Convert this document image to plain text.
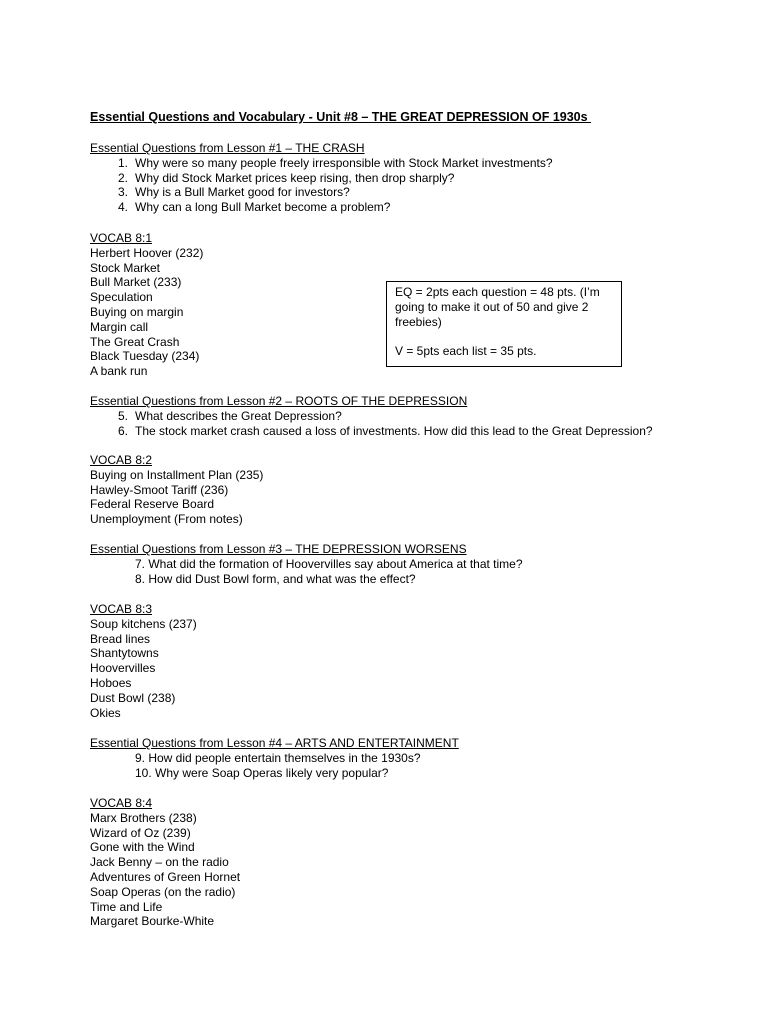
Essential Questions and Vocabulary - Unit #8 – THE GREAT DEPRESSION OF 1930s
Essential Questions from Lesson #1 – THE CRASH
1. Why were so many people freely irresponsible with Stock Market investments?
2. Why did Stock Market prices keep rising, then drop sharply?
3. Why is a Bull Market good for investors?
4. Why can a long Bull Market become a problem?
VOCAB 8:1
Herbert Hoover (232)
Stock Market
Bull Market (233)
Speculation
Buying on margin
Margin call
The Great Crash
Black Tuesday (234)
A bank run

EQ = 2pts each question = 48 pts. (I’m going to make it out of 50 and give 2 freebies)

V = 5pts each list = 35 pts.

Essential Questions from Lesson #2 – ROOTS OF THE DEPRESSION
5. What describes the Great Depression?
6. The stock market crash caused a loss of investments. How did this lead to the Great Depression?
VOCAB 8:2
Buying on Installment Plan (235)
Hawley-Smoot Tariff (236)
Federal Reserve Board
Unemployment (From notes)
Essential Questions from Lesson #3 – THE DEPRESSION WORSENS
7. What did the formation of Hoovervilles say about America at that time?
8. How did Dust Bowl form, and what was the effect?
VOCAB 8:3
Soup kitchens (237)
Bread lines
Shantytowns
Hoovervilles
Hoboes
Dust Bowl (238)
Okies
Essential Questions from Lesson #4 – ARTS AND ENTERTAINMENT
9. How did people entertain themselves in the 1930s?
10. Why were Soap Operas likely very popular?
VOCAB 8:4
Marx Brothers (238)
Wizard of Oz (239)
Gone with the Wind
Jack Benny – on the radio
Adventures of Green Hornet
Soap Operas (on the radio)
Time and Life
Margaret Bourke-White
